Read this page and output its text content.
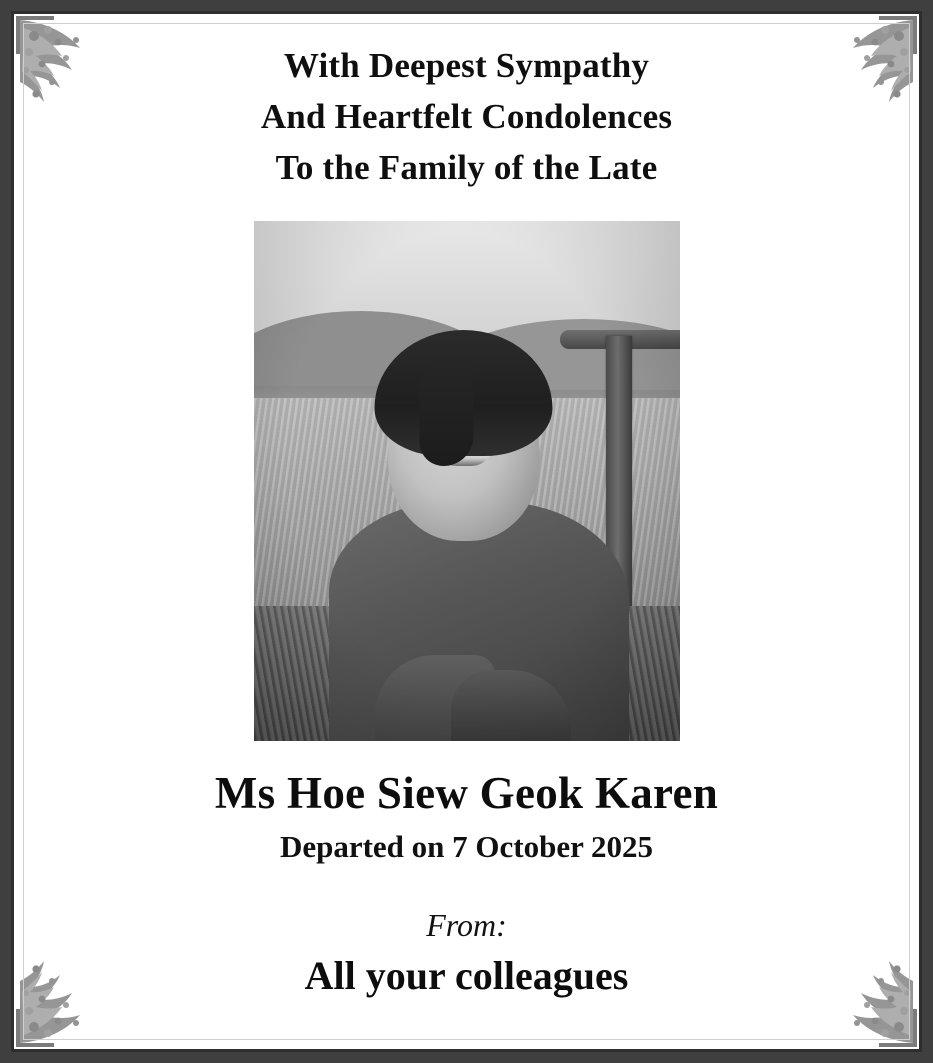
With Deepest Sympathy
And Heartfelt Condolences
To the Family of the Late
Ms Hoe Siew Geok Karen
Departed on 7 October 2025
From:
All your colleagues
